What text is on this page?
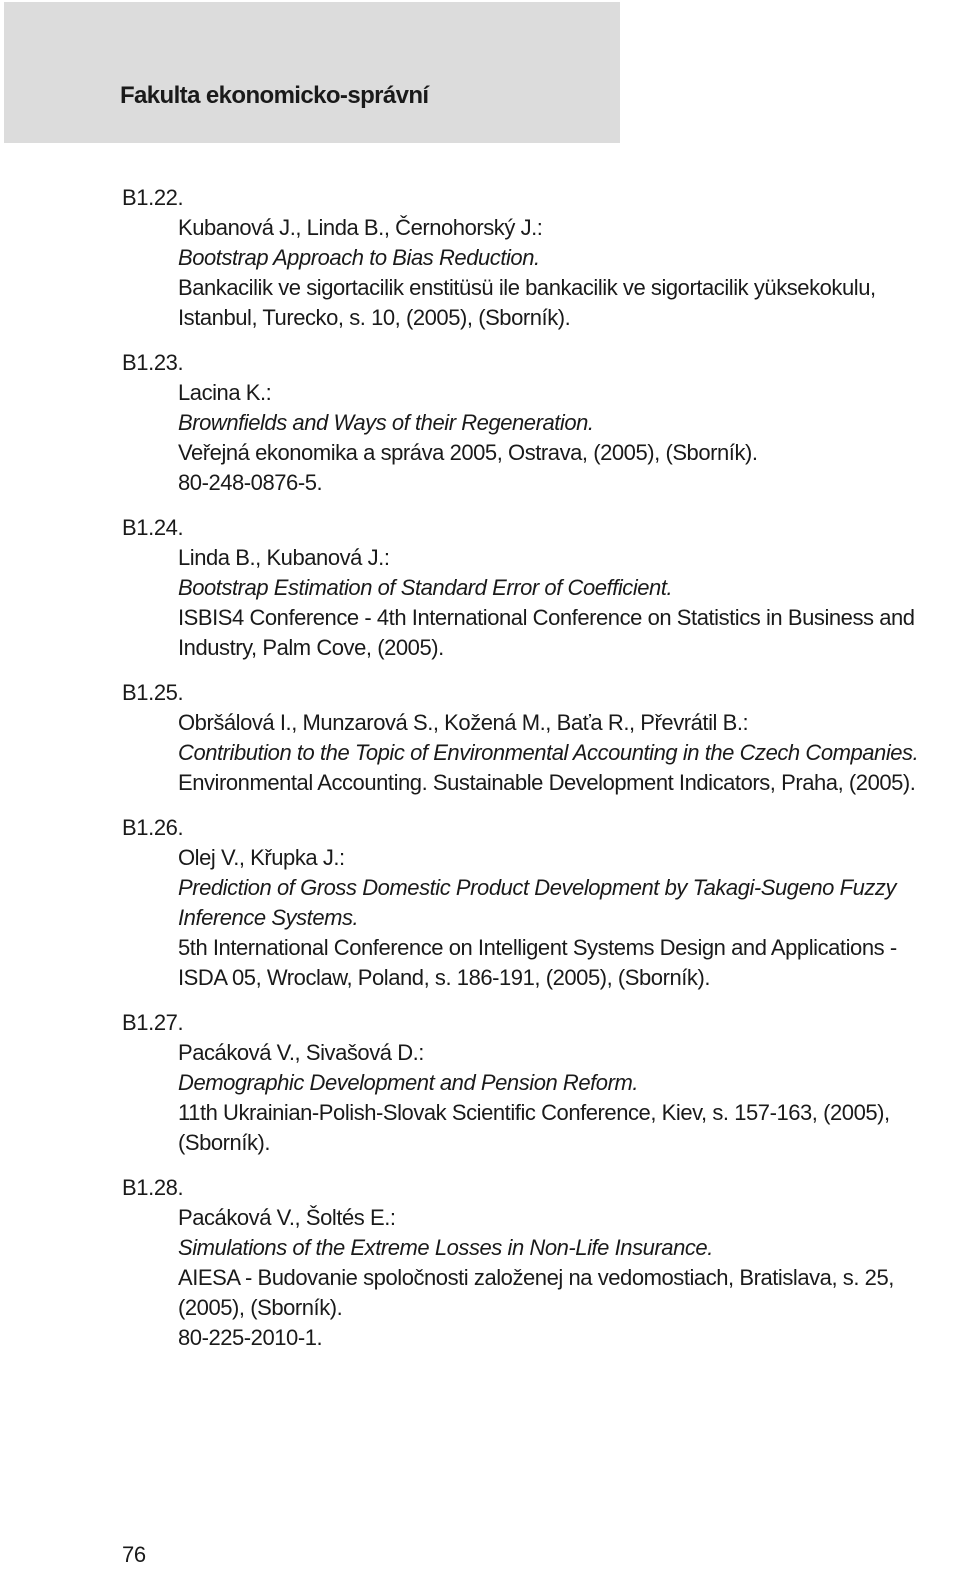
Fakulta ekonomicko-správní
B1.22.
Kubanová J., Linda B., Černohorský J.:
Bootstrap Approach to Bias Reduction.
Bankacilik ve sigortacilik enstitüsü ile bankacilik ve sigortacilik yüksekokulu,
Istanbul, Turecko, s. 10, (2005), (Sborník).
B1.23.
Lacina K.:
Brownfields and Ways of their Regeneration.
Veřejná ekonomika a správa 2005, Ostrava, (2005), (Sborník).
80-248-0876-5.
B1.24.
Linda B., Kubanová J.:
Bootstrap Estimation of Standard Error of Coefficient.
ISBIS4 Conference - 4th International Conference on Statistics in Business and
Industry, Palm Cove, (2005).
B1.25.
Obršálová I., Munzarová S., Kožená M., Baťa R., Převrátil B.:
Contribution to the Topic of Environmental Accounting in the Czech Companies.
Environmental Accounting. Sustainable Development Indicators, Praha, (2005).
B1.26.
Olej V., Křupka J.:
Prediction of Gross Domestic Product Development by Takagi-Sugeno Fuzzy
Inference Systems.
5th International Conference on Intelligent Systems Design and Applications -
ISDA 05, Wroclaw, Poland, s. 186-191, (2005), (Sborník).
B1.27.
Pacáková V., Sivašová D.:
Demographic Development and Pension Reform.
11th Ukrainian-Polish-Slovak Scientific Conference, Kiev, s. 157-163, (2005),
(Sborník).
B1.28.
Pacáková V., Šoltés E.:
Simulations of the Extreme Losses in Non-Life Insurance.
AIESA - Budovanie spoločnosti založenej na vedomostiach, Bratislava, s. 25,
(2005), (Sborník).
80-225-2010-1.
76
